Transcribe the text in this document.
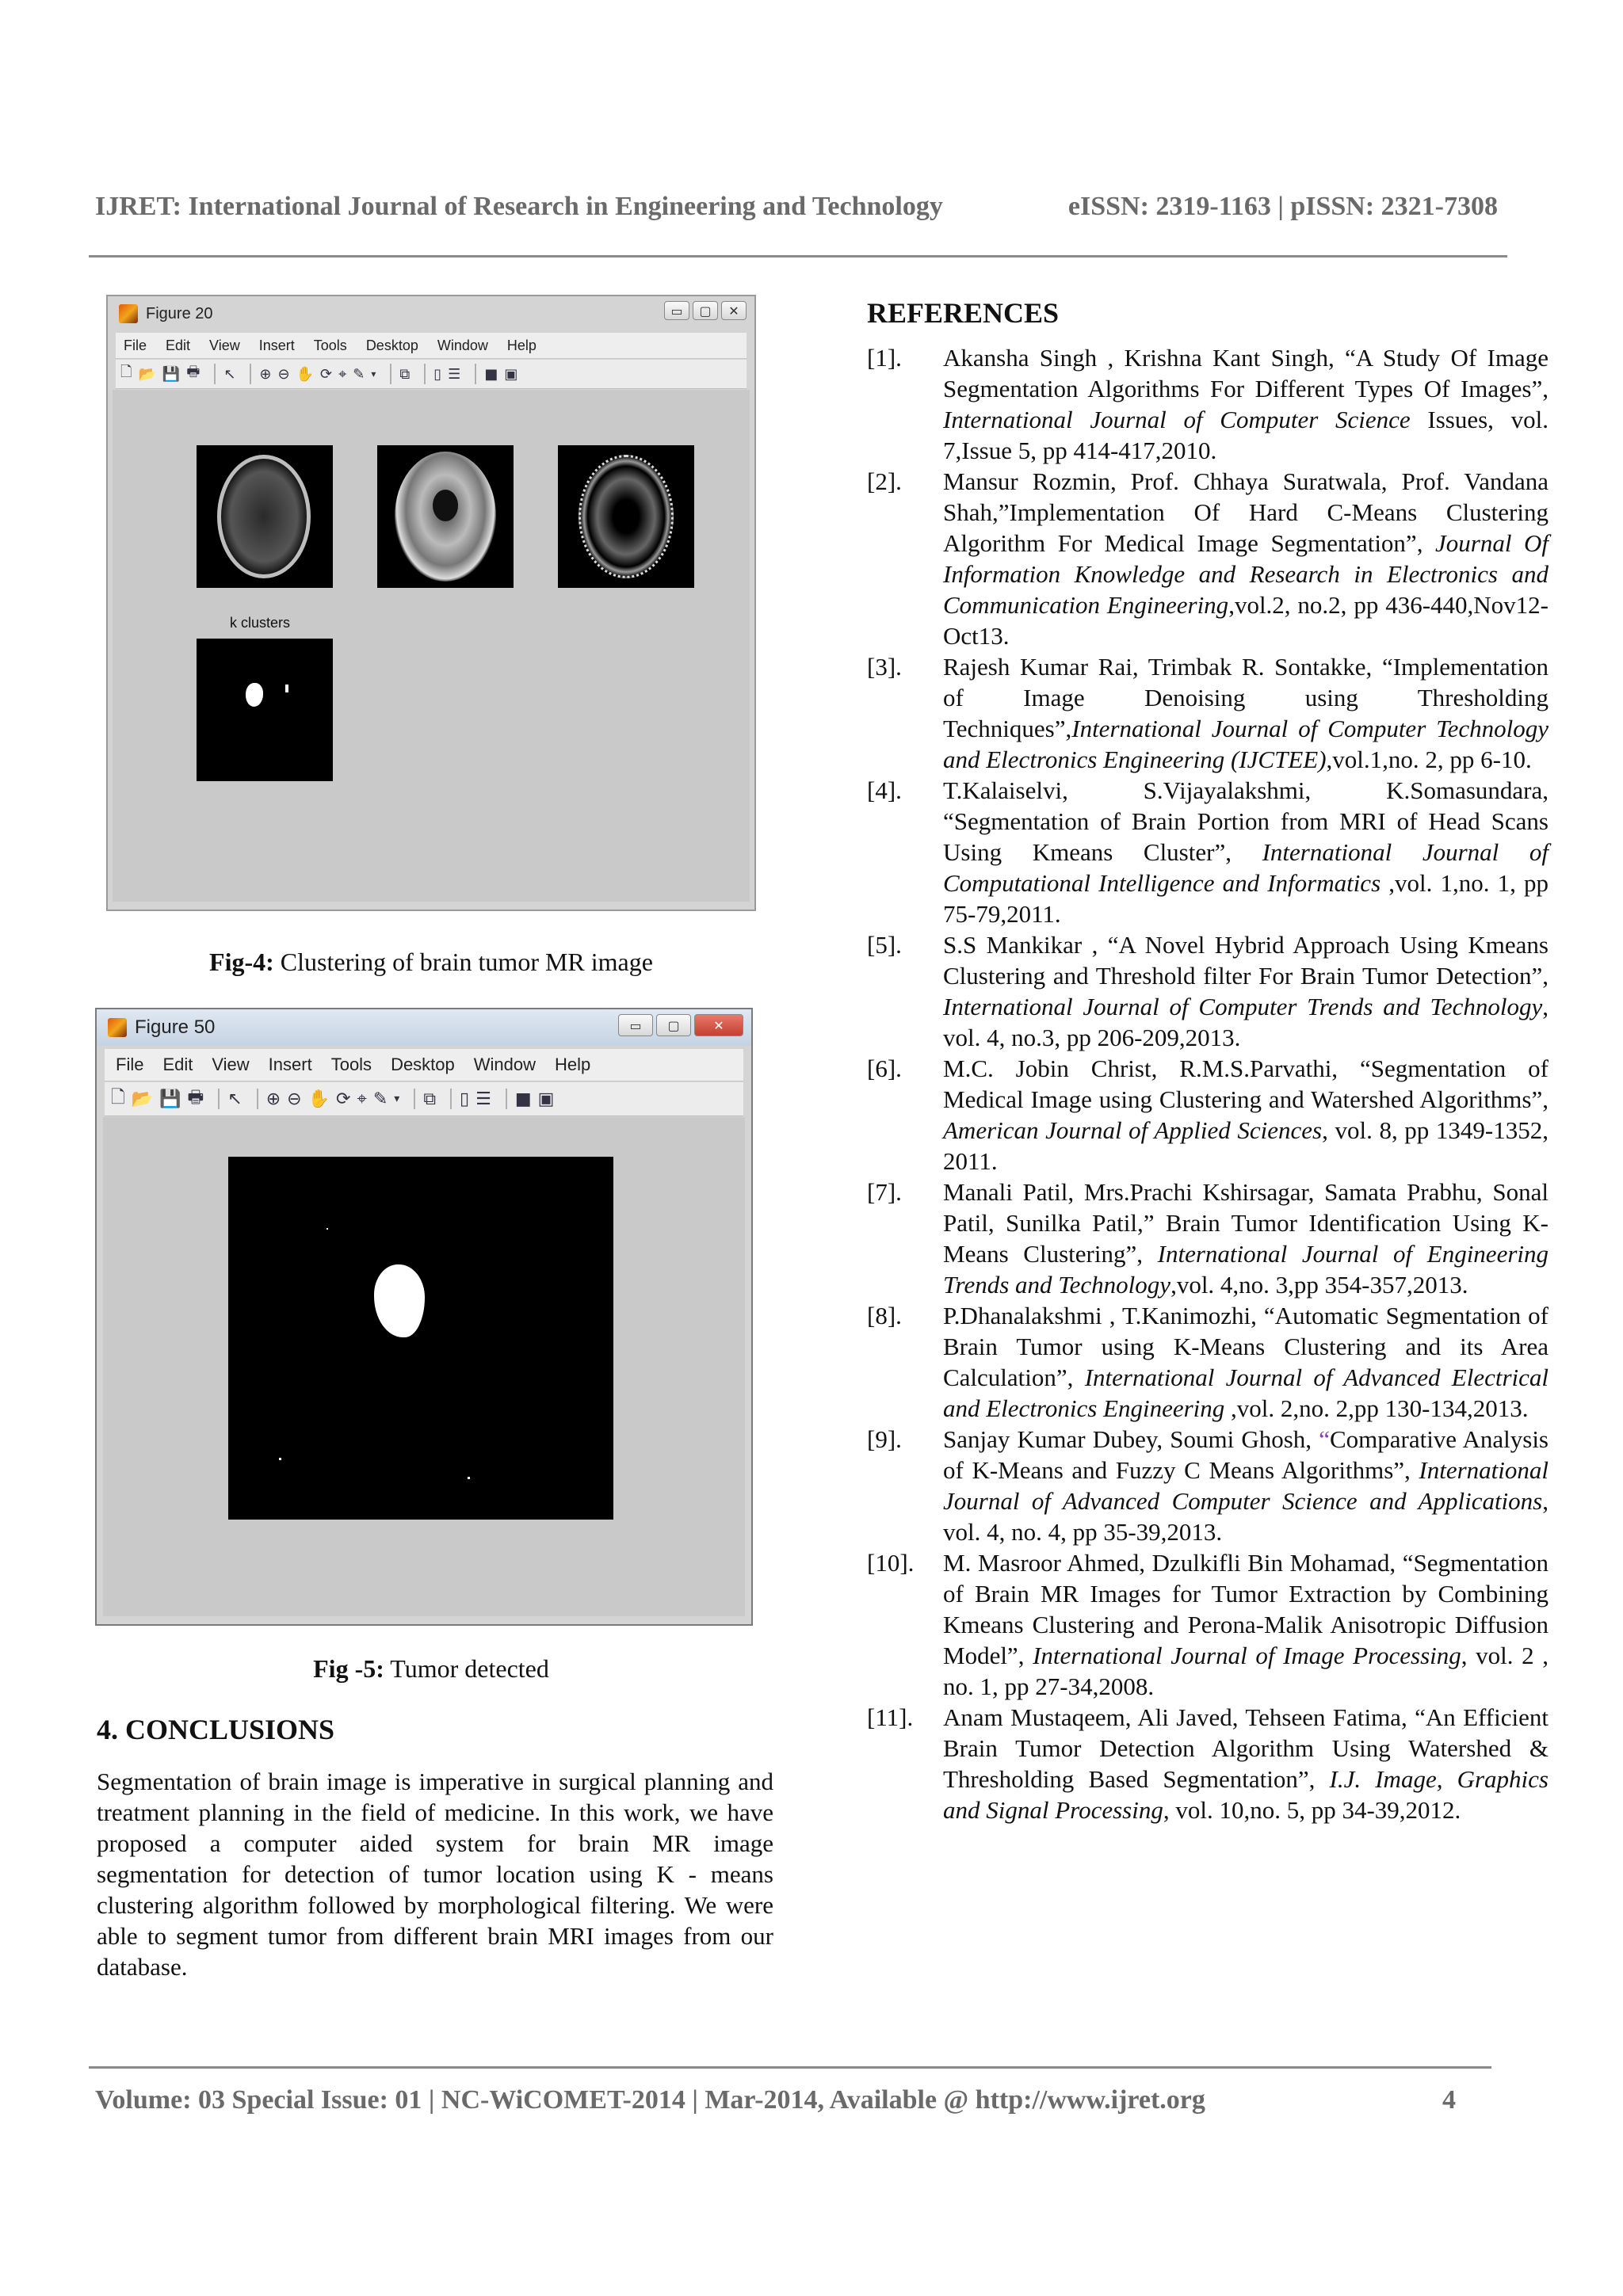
IJRET: International Journal of Research in Engineering and Technology	eISSN: 2319-1163 | pISSN: 2321-7308
Figure 20	▭	▢	✕
File Edit View Insert Tools Desktop Window Help
🗋 📂 💾 🖶 ↖ ⊕ ⊖ ✋ ⟳ ⌖ ✎ ▾ ⧉ ▯ ☰ ■ ▣
k clusters
Fig-4: Clustering of brain tumor MR image
Figure 50	▭	▢	✕
File Edit View Insert Tools Desktop Window Help
🗋 📂 💾 🖶 ↖ ⊕ ⊖ ✋ ⟳ ⌖ ✎ ▾ ⧉ ▯ ☰ ■ ▣
Fig -5: Tumor detected
4. CONCLUSIONS
Segmentation of brain image is imperative in surgical planning and treatment planning in the field of medicine. In this work, we have proposed a computer aided system for brain MR image segmentation for detection of tumor location using K - means clustering algorithm followed by morphological filtering. We were able to segment tumor from different brain MRI images from our database.
REFERENCES
[1].	Akansha Singh , Krishna Kant Singh, “A Study Of Image Segmentation Algorithms For Different Types Of Images”, International Journal of Computer Science Issues, vol. 7,Issue 5, pp 414-417,2010.
[2].	Mansur Rozmin, Prof. Chhaya Suratwala, Prof. Vandana Shah,”Implementation Of Hard C-Means Clustering Algorithm For Medical Image Segmentation”, Journal Of Information Knowledge and Research in Electronics and Communication Engineering,vol.2, no.2, pp 436-440,Nov12-Oct13.
[3].	Rajesh Kumar Rai, Trimbak R. Sontakke, “Implementation of Image Denoising using Thresholding Techniques”,International Journal of Computer Technology and Electronics Engineering (IJCTEE),vol.1,no. 2, pp 6-10.
[4].	T.Kalaiselvi, S.Vijayalakshmi, K.Somasundara, “Segmentation of Brain Portion from MRI of Head Scans Using Kmeans Cluster”, International Journal of Computational Intelligence and Informatics ,vol. 1,no. 1, pp 75-79,2011.
[5].	S.S Mankikar , “A Novel Hybrid Approach Using Kmeans Clustering and Threshold filter For Brain Tumor Detection”, International Journal of Computer Trends and Technology, vol. 4, no.3, pp 206-209,2013.
[6].	M.C. Jobin Christ, R.M.S.Parvathi, “Segmentation of Medical Image using Clustering and Watershed Algorithms”, American Journal of Applied Sciences, vol. 8, pp 1349-1352, 2011.
[7].	Manali Patil, Mrs.Prachi Kshirsagar, Samata Prabhu, Sonal Patil, Sunilka Patil,” Brain Tumor Identification Using K-Means Clustering”, International Journal of Engineering Trends and Technology,vol. 4,no. 3,pp 354-357,2013.
[8].	P.Dhanalakshmi , T.Kanimozhi, “Automatic Segmentation of Brain Tumor using K-Means Clustering and its Area Calculation”, International Journal of Advanced Electrical and Electronics Engineering ,vol. 2,no. 2,pp 130-134,2013.
[9].	Sanjay Kumar Dubey, Soumi Ghosh, “Comparative Analysis of K-Means and Fuzzy C Means Algorithms”, International Journal of Advanced Computer Science and Applications, vol. 4, no. 4, pp 35-39,2013.
[10].	M. Masroor Ahmed, Dzulkifli Bin Mohamad, “Segmentation of Brain MR Images for Tumor Extraction by Combining Kmeans Clustering and Perona-Malik Anisotropic Diffusion Model”, International Journal of Image Processing, vol. 2 , no. 1, pp 27-34,2008.
[11].	Anam Mustaqeem, Ali Javed, Tehseen Fatima, “An Efficient Brain Tumor Detection Algorithm Using Watershed & Thresholding Based Segmentation”, I.J. Image, Graphics and Signal Processing, vol. 10,no. 5, pp 34-39,2012.
Volume: 03 Special Issue: 01 | NC-WiCOMET-2014 | Mar-2014, Available @ http://www.ijret.org	4
